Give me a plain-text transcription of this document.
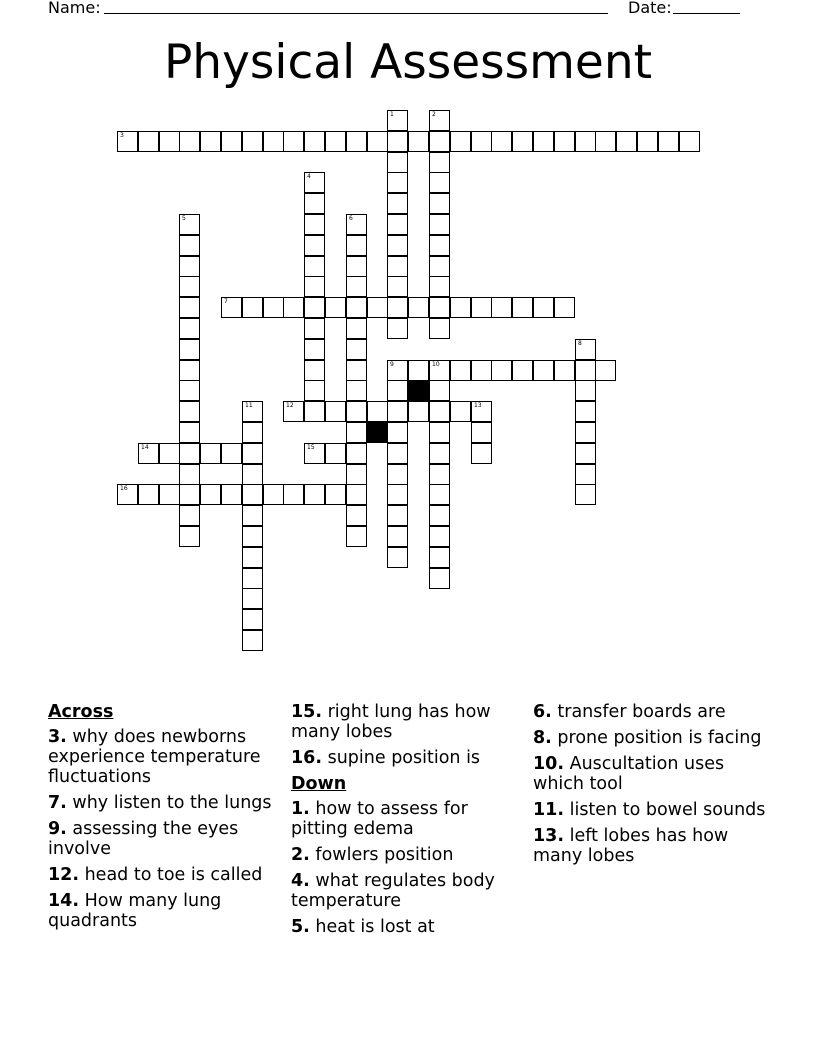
Name:	Date:
Physical Assessment
1	2
3
4
5	6
7
8
9	10
11	12	13
14	15
16
Across
3. why does newborns experience temperature fluctuations
7. why listen to the lungs
9. assessing the eyes involve
12. head to toe is called
14. How many lung quadrants
15. right lung has how many lobes
16. supine position is
Down
1. how to assess for pitting edema
2. fowlers position
4. what regulates body temperature
5. heat is lost at
6. transfer boards are
8. prone position is facing
10. Auscultation uses which tool
11. listen to bowel sounds
13. left lobes has how many lobes
